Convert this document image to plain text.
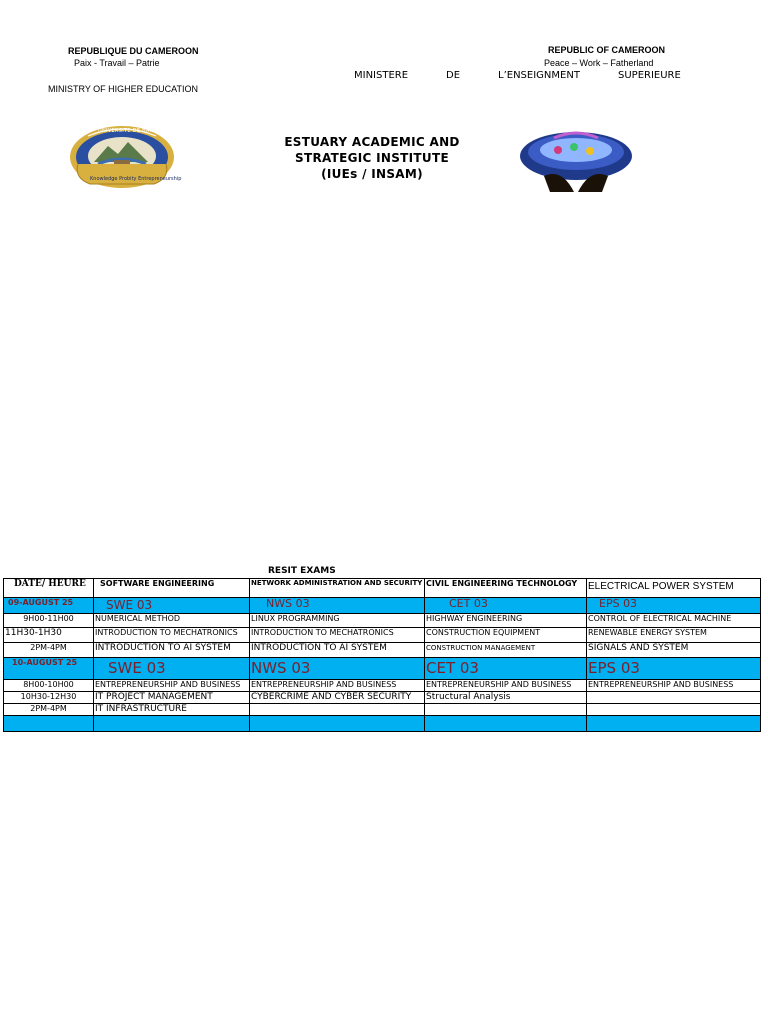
REPUBLIQUE DU CAMEROON
Paix - Travail – Patrie
MINISTRY OF HIGHER EDUCATION
REPUBLIC OF CAMEROON
Peace – Work – Fatherland
MINISTERE	DE	L’ENSEIGNMENT	SUPERIEURE
UNIVERSITE DE BAMENDA
Knowledge Probity Entrepreneurship
ESTUARY ACADEMIC AND
STRATEGIC INSTITUTE
(IUEs / INSAM)
RESIT EXAMS
DATE/ HEURE	SOFTWARE ENGINEERING	NETWORK ADMINISTRATION AND SECURITY	CIVIL ENGINEERING TECHNOLOGY	ELECTRICAL POWER SYSTEM
09-AUGUST 25	SWE 03	NWS 03	CET 03	EPS 03
9H00-11H00	NUMERICAL METHOD	LINUX PROGRAMMING	HIGHWAY ENGINEERING	CONTROL OF ELECTRICAL MACHINE
11H30-1H30	INTRODUCTION TO MECHATRONICS	INTRODUCTION TO MECHATRONICS	CONSTRUCTION EQUIPMENT	RENEWABLE ENERGY SYSTEM
2PM-4PM	INTRODUCTION TO AI SYSTEM	INTRODUCTION TO AI SYSTEM	CONSTRUCTION MANAGEMENT	SIGNALS AND SYSTEM
10-AUGUST 25	SWE 03	NWS 03	CET 03	EPS 03
8H00-10H00	ENTREPRENEURSHIP AND BUSINESS	ENTREPRENEURSHIP AND BUSINESS	ENTREPRENEURSHIP AND BUSINESS	ENTREPRENEURSHIP AND BUSINESS
10H30-12H30	IT PROJECT MANAGEMENT	CYBERCRIME AND CYBER SECURITY	Structural Analysis	
2PM-4PM	IT INFRASTRUCTURE			
